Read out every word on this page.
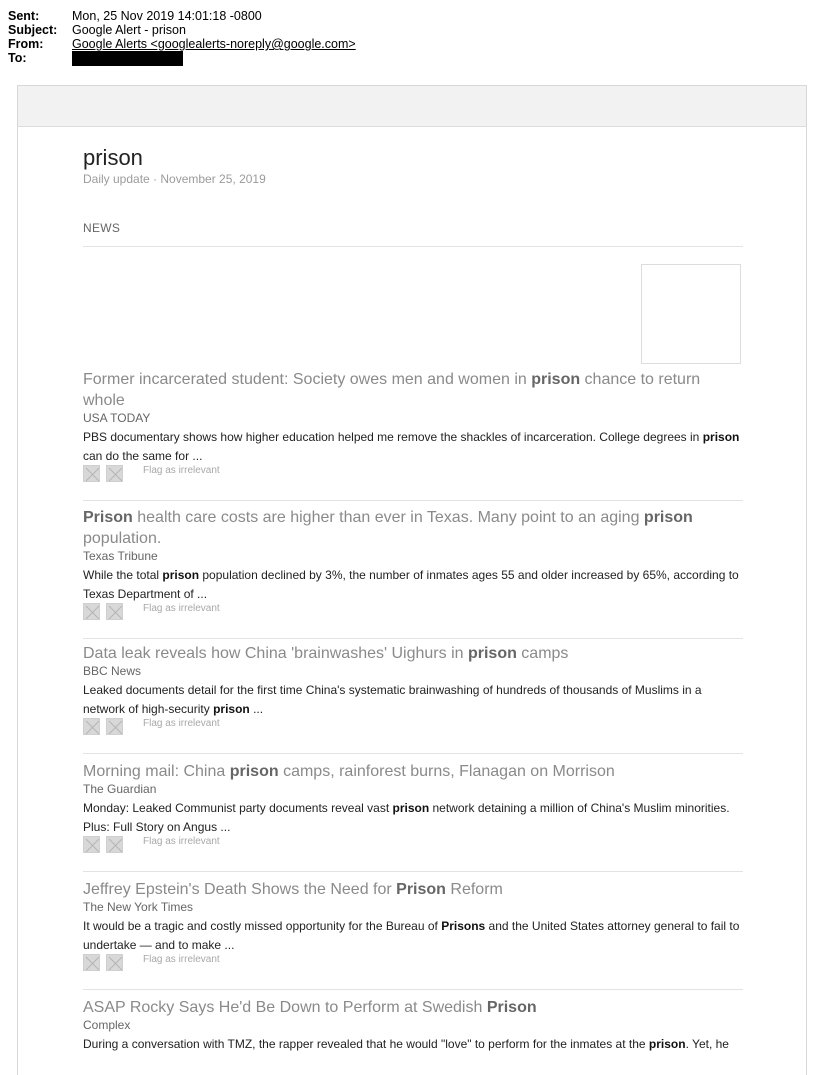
Sent:	Mon, 25 Nov 2019 14:01:18 -0800
Subject:	Google Alert - prison
From:	Google Alerts <googlealerts-noreply@google.com>
To:
prison
Daily update · November 25, 2019
NEWS
Former incarcerated student: Society owes men and women in prison chance to return whole
USA TODAY
PBS documentary shows how higher education helped me remove the shackles of incarceration. College degrees in prison can do the same for ...
Flag as irrelevant
Prison health care costs are higher than ever in Texas. Many point to an aging prison population.
Texas Tribune
While the total prison population declined by 3%, the number of inmates ages 55 and older increased by 65%, according to Texas Department of ...
Flag as irrelevant
Data leak reveals how China 'brainwashes' Uighurs in prison camps
BBC News
Leaked documents detail for the first time China's systematic brainwashing of hundreds of thousands of Muslims in a network of high-security prison ...
Flag as irrelevant
Morning mail: China prison camps, rainforest burns, Flanagan on Morrison
The Guardian
Monday: Leaked Communist party documents reveal vast prison network detaining a million of China's Muslim minorities. Plus: Full Story on Angus ...
Flag as irrelevant
Jeffrey Epstein's Death Shows the Need for Prison Reform
The New York Times
It would be a tragic and costly missed opportunity for the Bureau of Prisons and the United States attorney general to fail to undertake — and to make ...
Flag as irrelevant
ASAP Rocky Says He'd Be Down to Perform at Swedish Prison
Complex
During a conversation with TMZ, the rapper revealed that he would "love" to perform for the inmates at the prison. Yet, he
